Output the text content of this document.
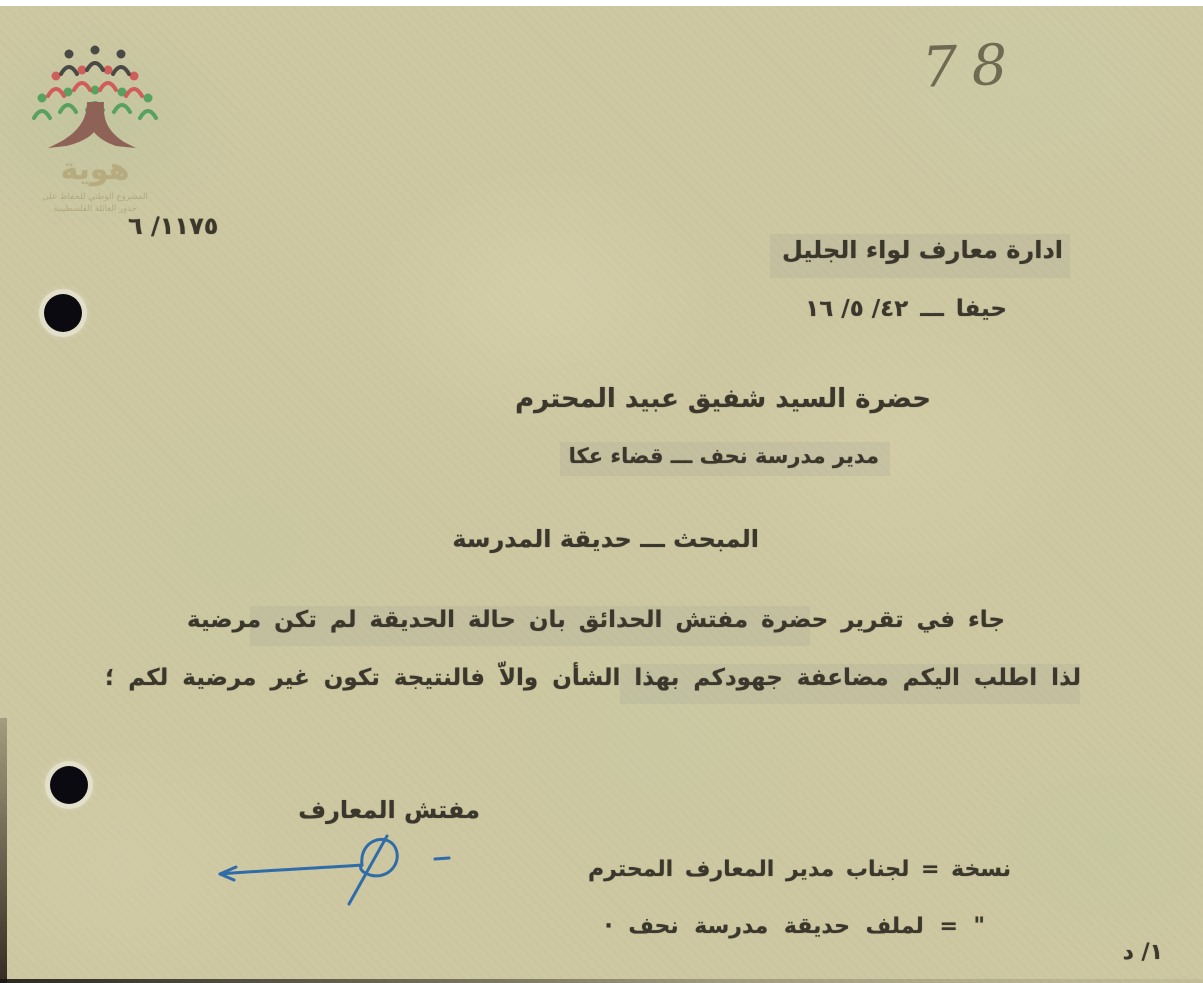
هوية
المشروع الوطني للحفاظ على
جذور العائلة الفلسطينية
78
١١٧٥/ ٦
ادارة معارف لواء الجليل
٤٢/ ٥/ ١٦ ـــ حيفا
حضرة السيد شفيق عبيد المحترم
مدير مدرسة نحف ـــ قضاء عكا
المبحث ـــ حديقة المدرسة
جاء في تقرير حضرة مفتش الحدائق بان حالة الحديقة لم تكن مرضية
لذا اطلب اليكم مضاعفة جهودكم بهذا الشأن والاّ فالنتيجة تكون غير مرضية لكم ؛
مفتش المعارف
نسخة = لجناب مدير المعارف المحترم
" = لملف حديقة مدرسة نحف ·
١/ د
